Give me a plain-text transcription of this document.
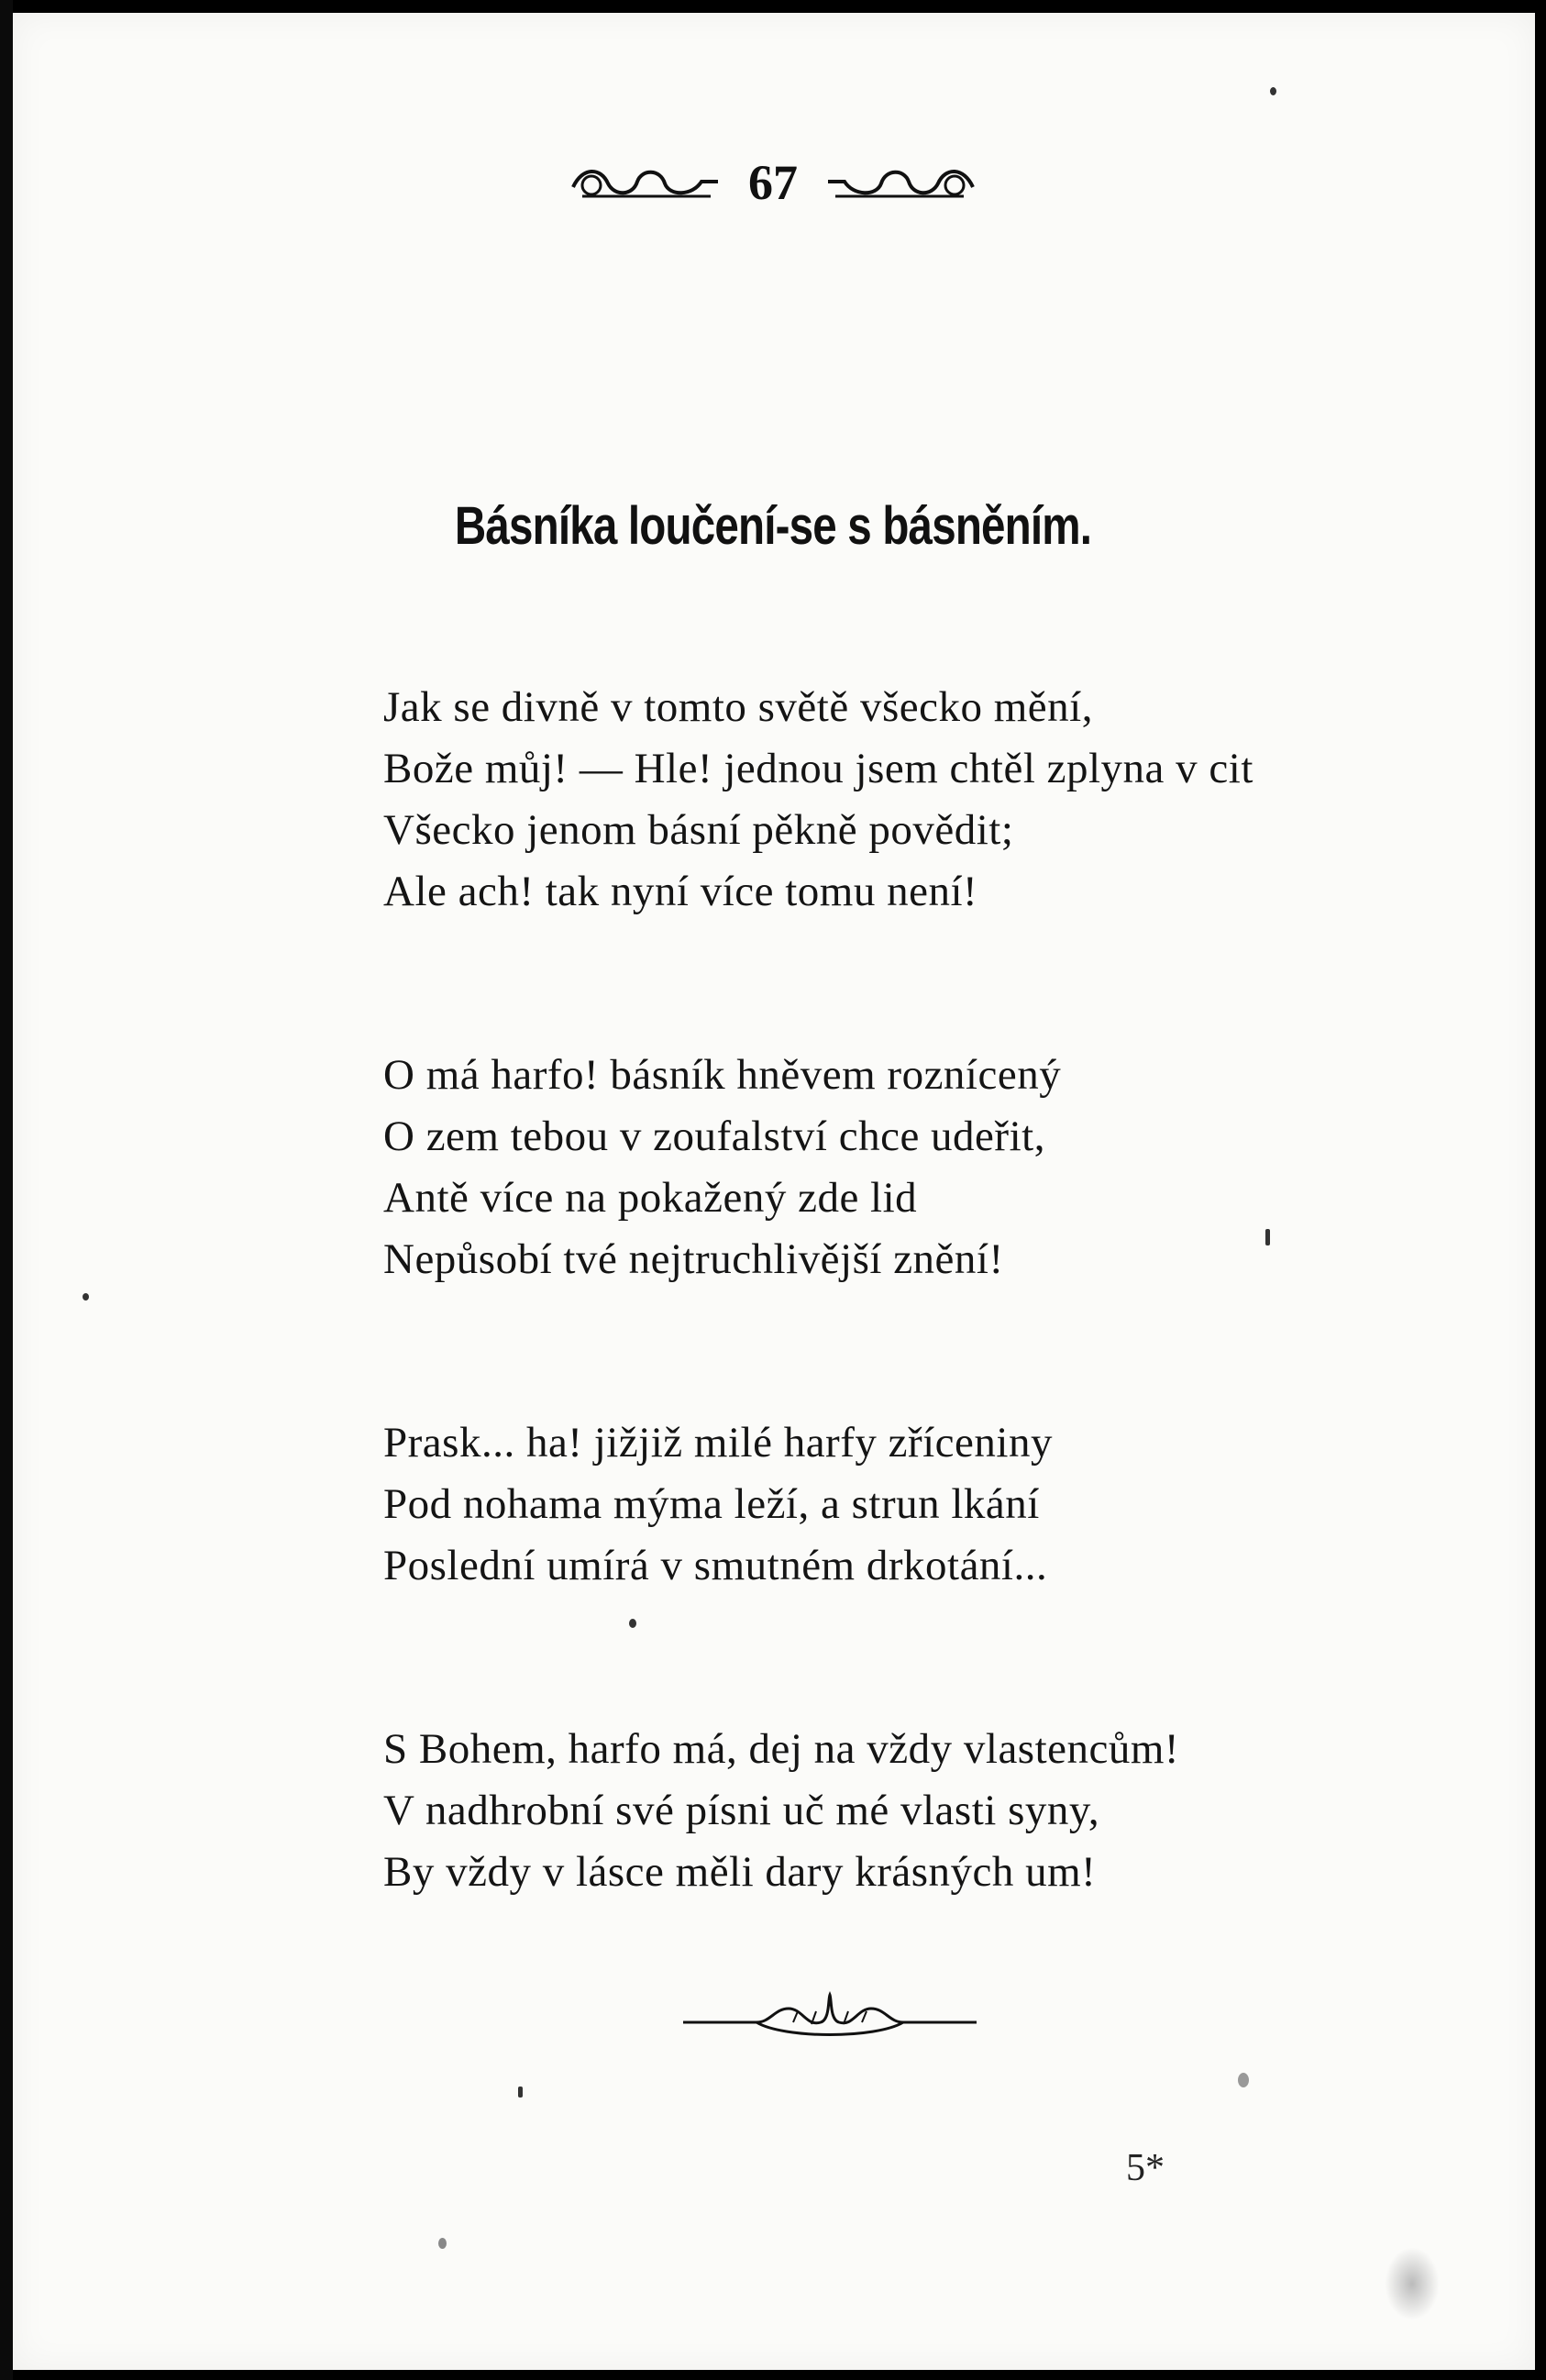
67
Básníka loučení-se s básněním.
Jak se divně v tomto světě všecko mění,
Bože můj! — Hle! jednou jsem chtěl zplyna v cit
Všecko jenom básní pěkně povědit;
Ale ach! tak nyní více tomu není!
O má harfo! básník hněvem roznícený
O zem tebou v zoufalství chce udeřit,
Antě více na pokažený zde lid
Nepůsobí tvé nejtruchlivější znění!
Prask... ha! jižjiž milé harfy zříceniny
Pod nohama mýma leží, a strun lkání
Poslední umírá v smutném drkotání...
S Bohem, harfo má, dej na vždy vlastencům!
V nadhrobní své písni uč mé vlasti syny,
By vždy v lásce měli dary krásných um!
5*
